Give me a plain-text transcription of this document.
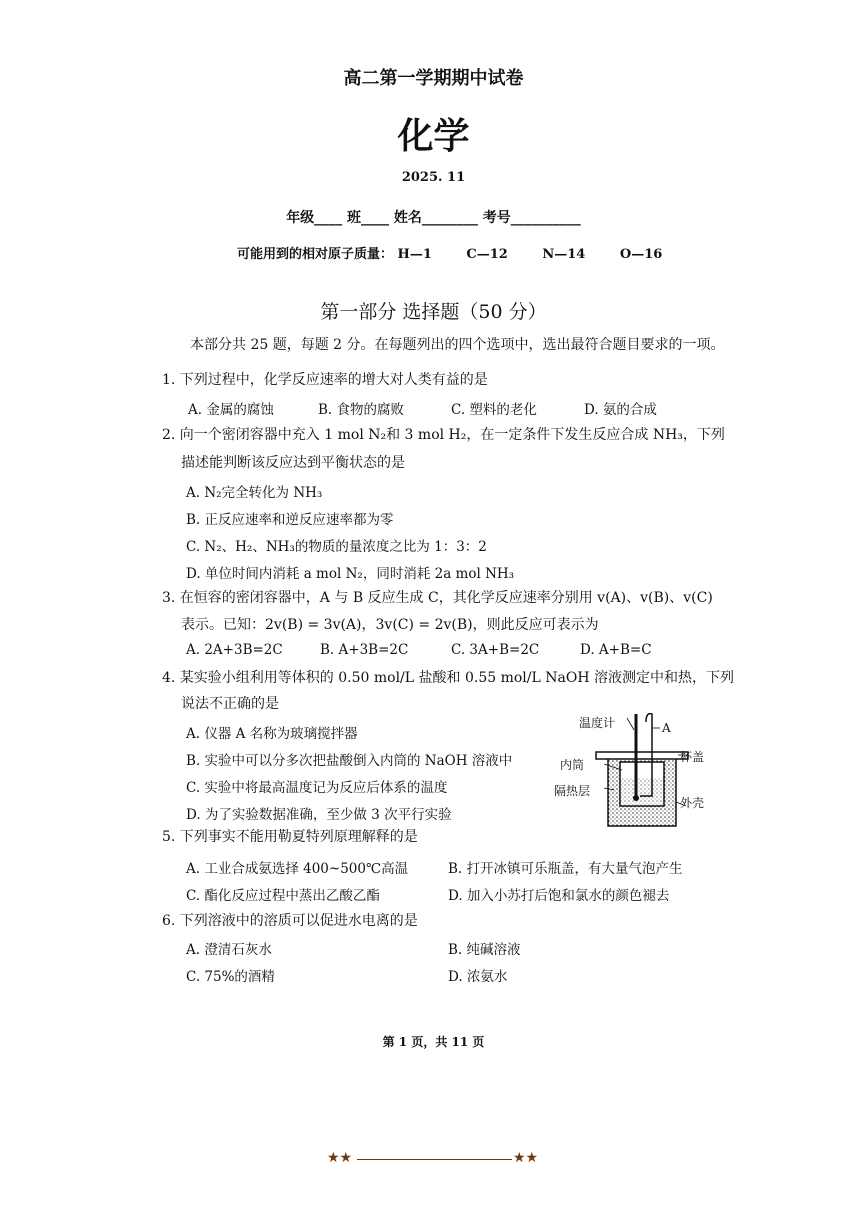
高二第一学期期中试卷
化学
2025. 11
年级____ 班____ 姓名________ 考号__________
可能用到的相对原子质量： H—1	C—12	N—14	O—16
第一部分 选择题（50 分）
本部分共 25 题，每题 2 分。在每题列出的四个选项中，选出最符合题目要求的一项。
1. 下列过程中，化学反应速率的增大对人类有益的是
A. 金属的腐蚀	B. 食物的腐败	C. 塑料的老化	D. 氨的合成
2. 向一个密闭容器中充入 1 mol N₂和 3 mol H₂，在一定条件下发生反应合成 NH₃，下列
描述能判断该反应达到平衡状态的是
A. N₂完全转化为 NH₃
B. 正反应速率和逆反应速率都为零
C. N₂、H₂、NH₃的物质的量浓度之比为 1：3：2
D. 单位时间内消耗 a mol N₂，同时消耗 2a mol NH₃
3. 在恒容的密闭容器中，A 与 B 反应生成 C，其化学反应速率分别用 v(A)、v(B)、v(C)
表示。已知：2v(B) = 3v(A)，3v(C) = 2v(B)，则此反应可表示为
A. 2A+3B=2C	B. A+3B=2C	C. 3A+B=2C	D. A+B=C
4. 某实验小组利用等体积的 0.50 mol/L 盐酸和 0.55 mol/L NaOH 溶液测定中和热，下列
说法不正确的是
A. 仪器 A 名称为玻璃搅拌器
B. 实验中可以分多次把盐酸倒入内筒的 NaOH 溶液中
C. 实验中将最高温度记为反应后体系的温度
D. 为了实验数据准确，至少做 3 次平行实验
温度计	A
杯盖
内筒
隔热层
外壳
5. 下列事实不能用勒夏特列原理解释的是
A. 工业合成氨选择 400~500℃高温	B. 打开冰镇可乐瓶盖，有大量气泡产生
C. 酯化反应过程中蒸出乙酸乙酯	D. 加入小苏打后饱和氯水的颜色褪去
6. 下列溶液中的溶质可以促进水电离的是
A. 澄清石灰水	B. 纯碱溶液
C. 75%的酒精	D. 浓氨水
第 1 页，共 11 页
★★	★★
